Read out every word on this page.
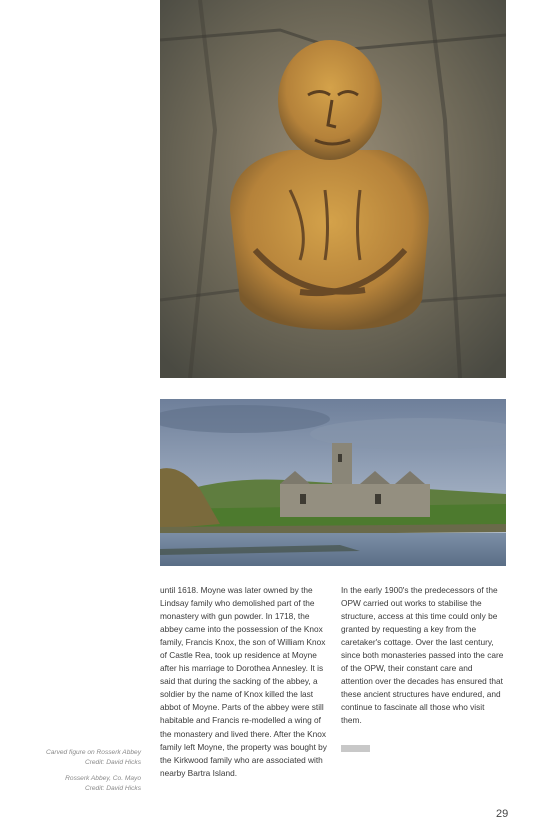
until 1618. Moyne was later owned by the Lindsay family who demolished part of the monastery with gun powder. In 1718, the abbey came into the possession of the Knox family, Francis Knox, the son of William Knox of Castle Rea, took up residence at Moyne after his marriage to Dorothea Annesley. It is said that during the sacking of the abbey, a soldier by the name of Knox killed the last abbot of Moyne. Parts of the abbey were still habitable and Francis re-modelled a wing of the monastery and lived there. After the Knox family left Moyne, the property was bought by the Kirkwood family who are associated with nearby Bartra Island.
In the early 1900's the predecessors of the OPW carried out works to stabilise the structure, access at this time could only be granted by requesting a key from the caretaker's cottage. Over the last century, since both monasteries passed into the care of the OPW, their constant care and attention over the decades has ensured that these ancient structures have endured, and continue to fascinate all those who visit them.
Carved figure on Rosserk Abbey
Credit: David Hicks
Rosserk Abbey, Co. Mayo
Credit: David Hicks
29
